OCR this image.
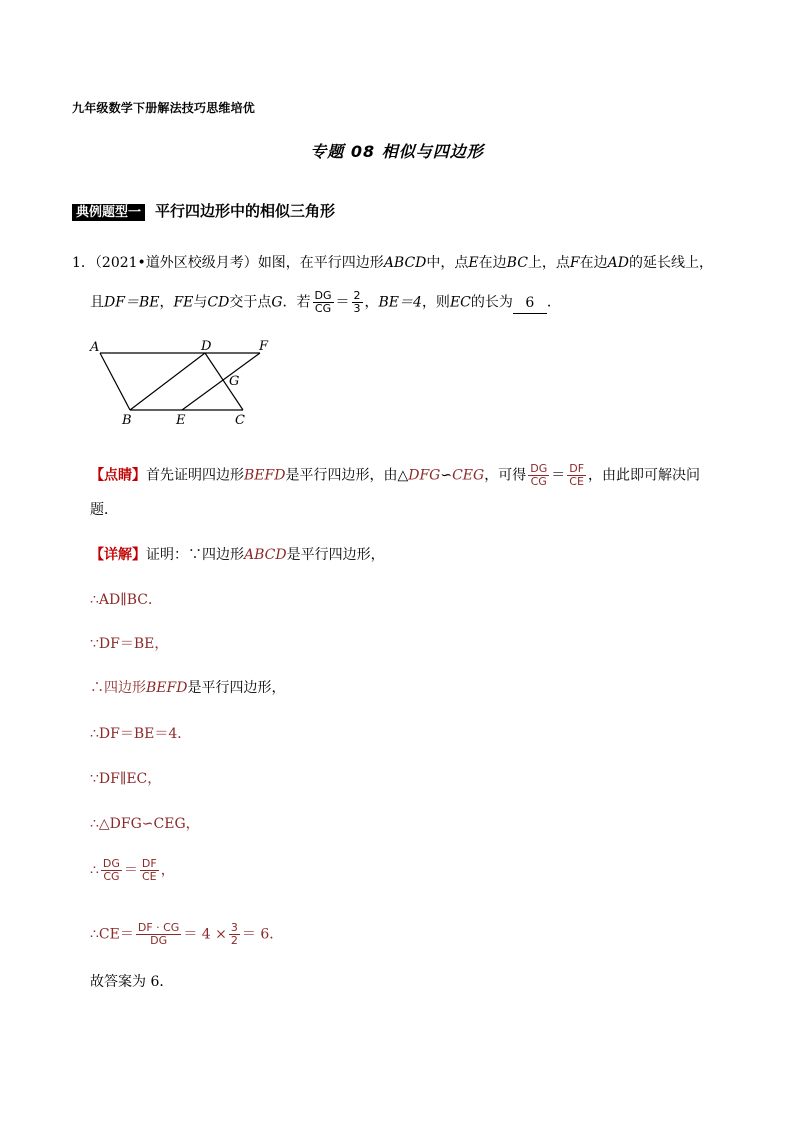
九年级数学下册解法技巧思维培优
专题 08 相似与四边形
典例题型一 平行四边形中的相似三角形
1．（2021•道外区校级月考）如图，在平行四边形ABCD中，点E在边BC上，点F在边AD的延长线上，
且DF＝BE，FE与CD交于点G．若 $\frac{DG}{CG} = \frac{2}{3}$ ，BE＝4，则EC的长为 6 ．
A	D	F
G
B	E	C
【点睛】首先证明四边形BEFD是平行四边形，由△DFG∽CEG，可得 $\frac{DG}{CG} = \frac{DF}{CE}$ ，由此即可解决问
题．
【详解】证明：∵四边形ABCD是平行四边形，
∴AD∥BC．
∵DF＝BE，
∴四边形BEFD是平行四边形，
∴DF＝BE＝4．
∵DF∥EC，
∴△DFG∽CEG，
∴ $\frac{DG}{CG} = \frac{DF}{CE}$ ，
∴CE＝ $\frac{DF \cdot CG}{DG} = 4 \times \frac{3}{2} = 6$．
故答案为 6．
